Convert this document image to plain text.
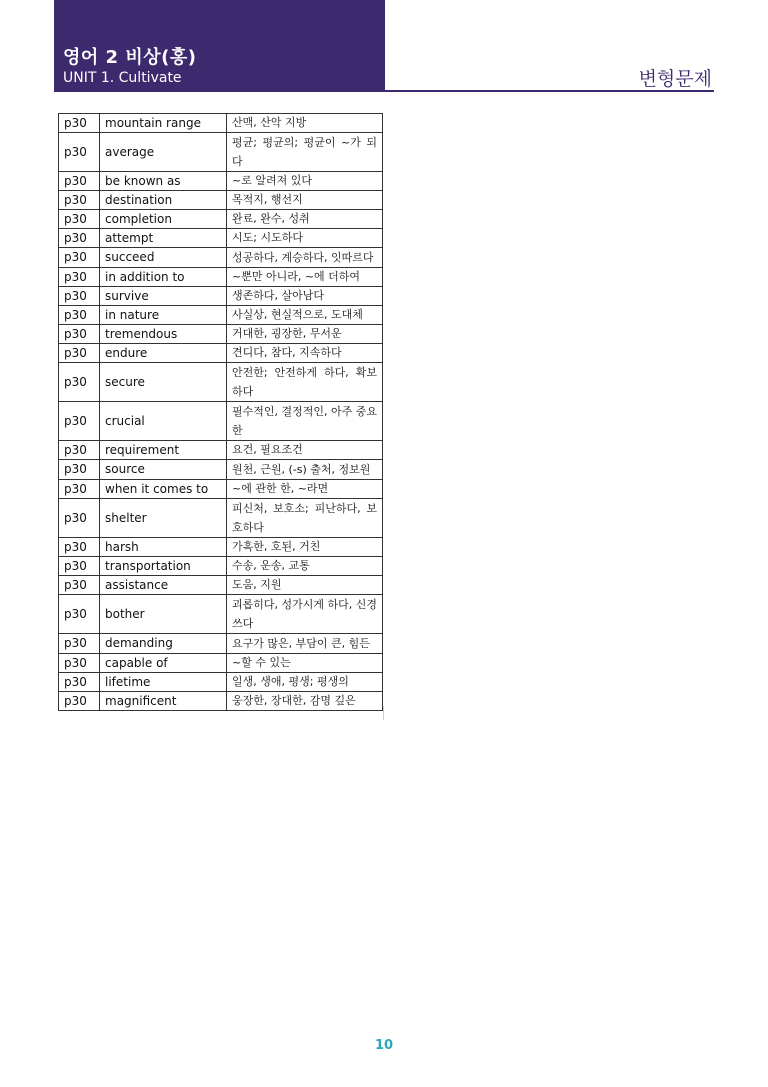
영어 2 비상(홍)
UNIT 1. Cultivate	변형문제
p30	mountain range	산맥, 산악 지방
p30	average	평균; 평균의; 평균이 ~가 되다
p30	be known as	~로 알려져 있다
p30	destination	목적지, 행선지
p30	completion	완료, 완수, 성취
p30	attempt	시도; 시도하다
p30	succeed	성공하다, 계승하다, 잇따르다
p30	in addition to	~뿐만 아니라, ~에 더하여
p30	survive	생존하다, 살아남다
p30	in nature	사실상, 현실적으로, 도대체
p30	tremendous	거대한, 굉장한, 무서운
p30	endure	견디다, 참다, 지속하다
p30	secure	안전한; 안전하게 하다, 확보하다
p30	crucial	필수적인, 결정적인, 아주 중요한
p30	requirement	요건, 필요조건
p30	source	원천, 근원, (-s) 출처, 정보원
p30	when it comes to	~에 관한 한, ~라면
p30	shelter	피신처, 보호소; 피난하다, 보호하다
p30	harsh	가혹한, 호된, 거친
p30	transportation	수송, 운송, 교통
p30	assistance	도움, 지원
p30	bother	괴롭히다, 성가시게 하다, 신경 쓰다
p30	demanding	요구가 많은, 부담이 큰, 힘든
p30	capable of	~할 수 있는
p30	lifetime	일생, 생애, 평생; 평생의
p30	magnificent	웅장한, 장대한, 감명 깊은
10
